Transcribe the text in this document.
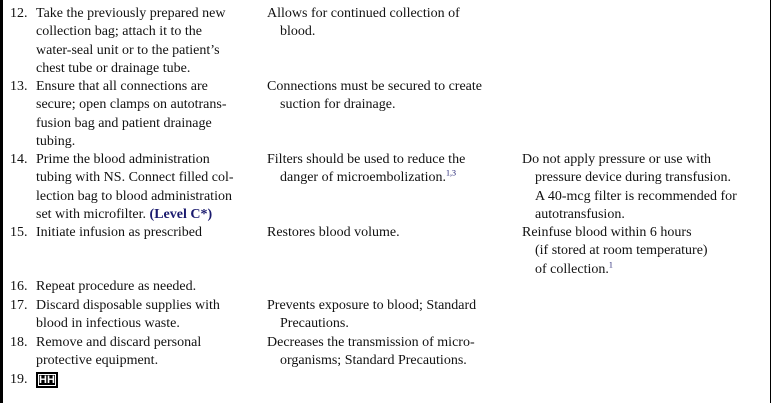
12. Take the previously prepared new
collection bag; attach it to the
water-seal unit or to the patient’s
chest tube or drainage tube.
Allows for continued collection of
blood.
13. Ensure that all connections are
secure; open clamps on autotrans-
fusion bag and patient drainage
tubing.
Connections must be secured to create
suction for drainage.
14. Prime the blood administration
tubing with NS. Connect filled col-
lection bag to blood administration
set with microfilter. (Level C*)
Filters should be used to reduce the
danger of microembolization.$^{1,3}$
Do not apply pressure or use with
pressure device during transfusion.
A 40-mcg filter is recommended for
autotransfusion.
15. Initiate infusion as prescribed	Restores blood volume.	Reinfuse blood within 6 hours
(if stored at room temperature)
of collection.$^1$
16. Repeat procedure as needed.
17. Discard disposable supplies with
blood in infectious waste.
Prevents exposure to blood; Standard
Precautions.
18. Remove and discard personal
protective equipment.
Decreases the transmission of micro-
organisms; Standard Precautions.
19. HH
